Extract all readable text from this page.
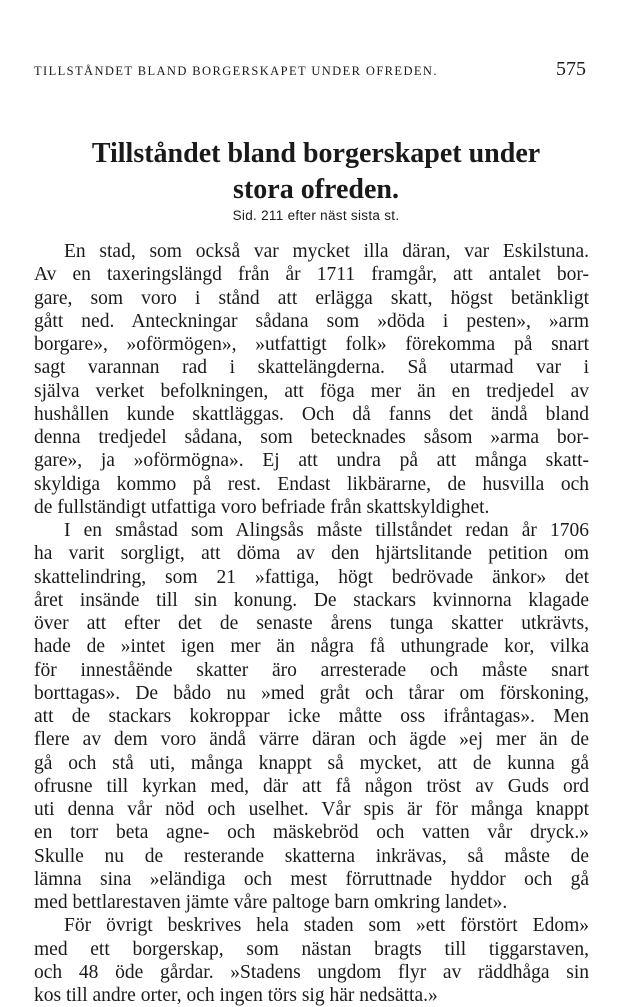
TILLSTÅNDET BLAND BORGERSKAPET UNDER OFREDEN.	575
Tillståndet bland borgerskapet under
stora ofreden.
Sid. 211 efter näst sista st.

En stad, som också var mycket illa däran, var Eskilstuna.
Av en taxeringslängd från år 1711 framgår, att antalet bor-
gare, som voro i stånd att erlägga skatt, högst betänkligt
gått ned. Anteckningar sådana som »döda i pesten», »arm
borgare», »oförmögen», »utfattigt folk» förekomma på snart
sagt varannan rad i skattelängderna. Så utarmad var i
själva verket befolkningen, att föga mer än en tredjedel av
hushållen kunde skattläggas. Och då fanns det ändå bland
denna tredjedel sådana, som betecknades såsom »arma bor-
gare», ja »oförmögna». Ej att undra på att många skatt-
skyldiga kommo på rest. Endast likbärarne, de husvilla och
de fullständigt utfattiga voro befriade från skattskyldighet.

I en småstad som Alingsås måste tillståndet redan år 1706
ha varit sorgligt, att döma av den hjärtslitande petition om
skattelindring, som 21 »fattiga, högt bedrövade änkor» det
året insände till sin konung. De stackars kvinnorna klagade
över att efter det de senaste årens tunga skatter utkrävts,
hade de »intet igen mer än några få uthungrade kor, vilka
för inneståënde skatter äro arresterade och måste snart
borttagas». De bådo nu »med gråt och tårar om förskoning,
att de stackars kokroppar icke måtte oss ifråntagas». Men
flere av dem voro ändå värre däran och ägde »ej mer än de
gå och stå uti, många knappt så mycket, att de kunna gå
ofrusne till kyrkan med, där att få någon tröst av Guds ord
uti denna vår nöd och uselhet. Vår spis är för många knappt
en torr beta agne- och mäskebröd och vatten vår dryck.»
Skulle nu de resterande skatterna inkrävas, så måste de
lämna sina »eländiga och mest förruttnade hyddor och gå
med bettlarestaven jämte våre paltoge barn omkring landet».

För övrigt beskrives hela staden som »ett förstört Edom»
med ett borgerskap, som nästan bragts till tiggarstaven,
och 48 öde gårdar. »Stadens ungdom flyr av räddhåga sin
kos till andre orter, och ingen törs sig här nedsätta.»
